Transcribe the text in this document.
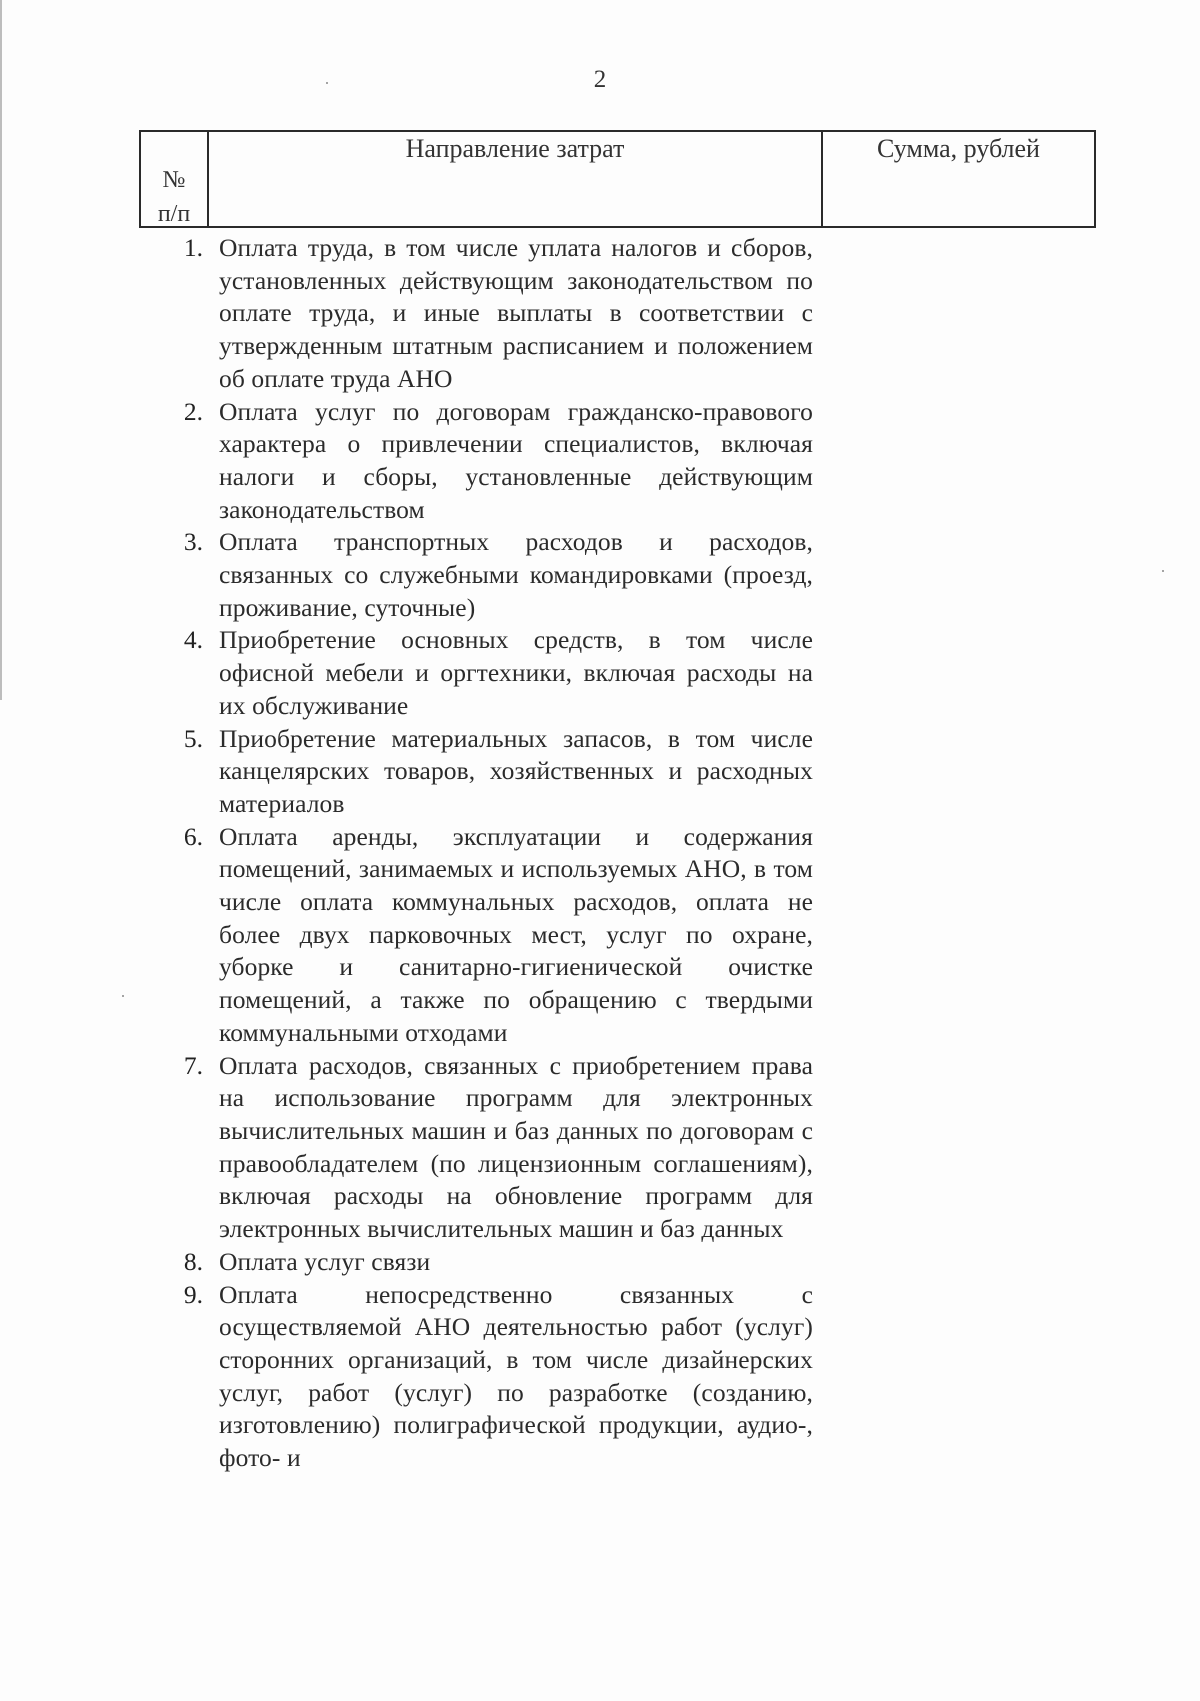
2
№
п/п
Направление затрат	Сумма, рублей
1. Оплата труда, в том числе уплата налогов и сборов, установленных действующим законодательством по оплате труда, и иные выплаты в соответствии с утвержденным штатным расписанием и положением об оплате труда АНО
2. Оплата услуг по договорам гражданско-правового характера о привлечении специалистов, включая налоги и сборы, установленные действующим законодательством
3. Оплата транспортных расходов и расходов, связанных со служебными командировками (проезд, проживание, суточные)
4. Приобретение основных средств, в том числе офисной мебели и оргтехники, включая расходы на их обслуживание
5. Приобретение материальных запасов, в том числе канцелярских товаров, хозяйственных и расходных материалов
6. Оплата аренды, эксплуатации и содержания помещений, занимаемых и используемых АНО, в том числе оплата коммунальных расходов, оплата не более двух парковочных мест, услуг по охране, уборке и санитарно-гигиенической очистке помещений, а также по обращению с твердыми коммунальными отходами
7. Оплата расходов, связанных с приобретением права на использование программ для электронных вычислительных машин и баз данных по договорам с правообладателем (по лицензионным соглашениям), включая расходы на обновление программ для электронных вычислительных машин и баз данных
8. Оплата услуг связи
9. Оплата непосредственно связанных с осуществляемой АНО деятельностью работ (услуг) сторонних организаций, в том числе дизайнерских услуг, работ (услуг) по разработке (созданию, изготовлению) полиграфической продукции, аудио-, фото- и
